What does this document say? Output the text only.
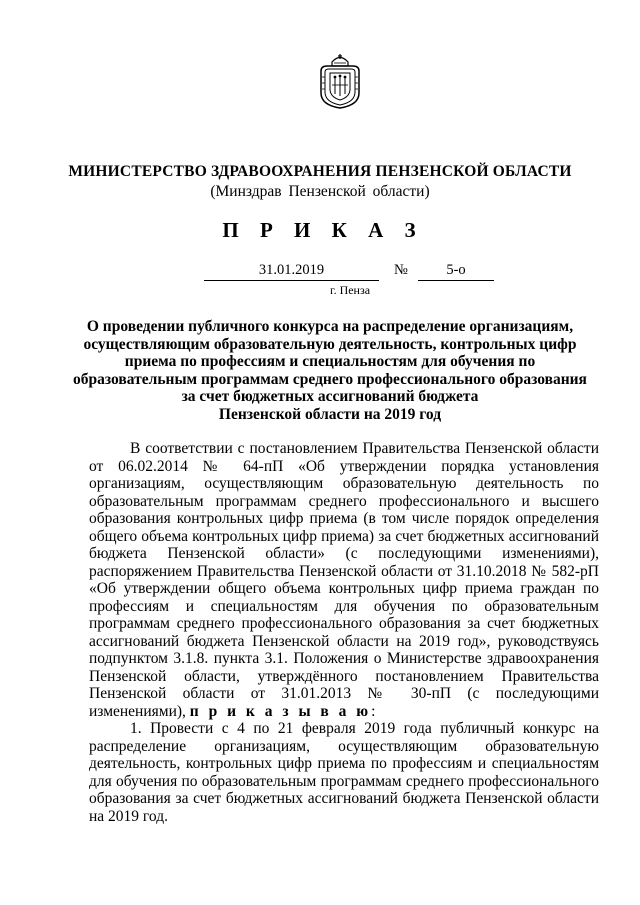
МИНИСТЕРСТВО ЗДРАВООХРАНЕНИЯ ПЕНЗЕНСКОЙ ОБЛАСТИ
(Минздрав Пензенской области)
П Р И К А З
31.01.2019	№	5-о
г. Пенза
О проведении публичного конкурса на распределение организациям,
осуществляющим образовательную деятельность, контрольных цифр
приема по профессиям и специальностям для обучения по
образовательным программам среднего профессионального образования
за счет бюджетных ассигнований бюджета
Пензенской области на 2019 год
В соответствии с постановлением Правительства Пензенской области
от 06.02.2014 № 64-пП «Об утверждении порядка установления
организациям, осуществляющим образовательную деятельность по
образовательным программам среднего профессионального и высшего
образования контрольных цифр приема (в том числе порядок определения
общего объема контрольных цифр приема) за счет бюджетных ассигнований
бюджета Пензенской области» (с последующими изменениями),
распоряжением Правительства Пензенской области от 31.10.2018 № 582-рП
«Об утверждении общего объема контрольных цифр приема граждан по
профессиям и специальностям для обучения по образовательным
программам среднего профессионального образования за счет бюджетных
ассигнований бюджета Пензенской области на 2019 год», руководствуясь
подпунктом 3.1.8. пункта 3.1. Положения о Министерстве здравоохранения
Пензенской области, утверждённого постановлением Правительства
Пензенской области от 31.01.2013 № 30-пП (с последующими
изменениями), п р и к а з ы в а ю:
1. Провести с 4 по 21 февраля 2019 года публичный конкурс на
распределение организациям, осуществляющим образовательную
деятельность, контрольных цифр приема по профессиям и специальностям
для обучения по образовательным программам среднего профессионального
образования за счет бюджетных ассигнований бюджета Пензенской области
на 2019 год.
